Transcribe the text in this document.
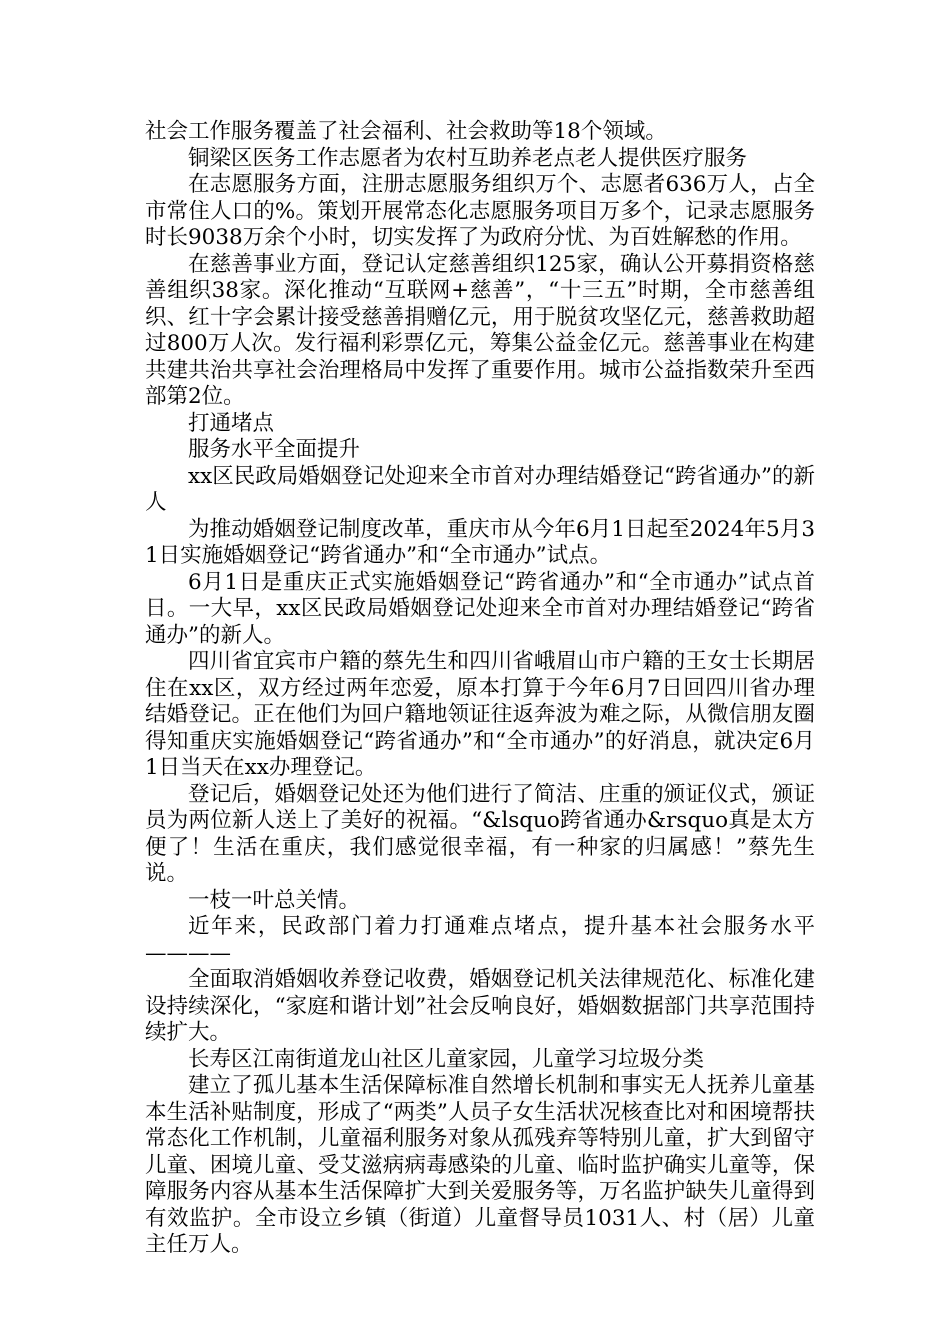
社会工作服务覆盖了社会福利、社会救助等18个领域。

铜梁区医务工作志愿者为农村互助养老点老人提供医疗服务

在志愿服务方面，注册志愿服务组织万个、志愿者636万人，占全市常住人口的%。策划开展常态化志愿服务项目万多个，记录志愿服务时长9038万余个小时，切实发挥了为政府分忧、为百姓解愁的作用。

在慈善事业方面，登记认定慈善组织125家，确认公开募捐资格慈善组织38家。深化推动“互联网+慈善”，“十三五”时期，全市慈善组织、红十字会累计接受慈善捐赠亿元，用于脱贫攻坚亿元，慈善救助超过800万人次。发行福利彩票亿元，筹集公益金亿元。慈善事业在构建共建共治共享社会治理格局中发挥了重要作用。城市公益指数荣升至西部第2位。

打通堵点

服务水平全面提升

xx区民政局婚姻登记处迎来全市首对办理结婚登记“跨省通办”的新人

为推动婚姻登记制度改革，重庆市从今年6月1日起至2024年5月31日实施婚姻登记“跨省通办”和“全市通办”试点。

6月1日是重庆正式实施婚姻登记“跨省通办”和“全市通办”试点首日。一大早，xx区民政局婚姻登记处迎来全市首对办理结婚登记“跨省通办”的新人。

四川省宜宾市户籍的蔡先生和四川省峨眉山市户籍的王女士长期居住在xx区，双方经过两年恋爱，原本打算于今年6月7日回四川省办理结婚登记。正在他们为回户籍地领证往返奔波为难之际，从微信朋友圈得知重庆实施婚姻登记“跨省通办”和“全市通办”的好消息，就决定6月1日当天在xx办理登记。

登记后，婚姻登记处还为他们进行了简洁、庄重的颁证仪式，颁证员为两位新人送上了美好的祝福。“&lsquo跨省通办&rsquo真是太方便了！生活在重庆，我们感觉很幸福，有一种家的归属感！”蔡先生说。

一枝一叶总关情。

近年来，民政部门着力打通难点堵点，提升基本社会服务水平————

全面取消婚姻收养登记收费，婚姻登记机关法律规范化、标准化建设持续深化，“家庭和谐计划”社会反响良好，婚姻数据部门共享范围持续扩大。

长寿区江南街道龙山社区儿童家园，儿童学习垃圾分类

建立了孤儿基本生活保障标准自然增长机制和事实无人抚养儿童基本生活补贴制度，形成了“两类”人员子女生活状况核查比对和困境帮扶常态化工作机制，儿童福利服务对象从孤残弃等特别儿童，扩大到留守儿童、困境儿童、受艾滋病病毒感染的儿童、临时监护确实儿童等，保障服务内容从基本生活保障扩大到关爱服务等，万名监护缺失儿童得到有效监护。全市设立乡镇（街道）儿童督导员1031人、村（居）儿童主任万人。
